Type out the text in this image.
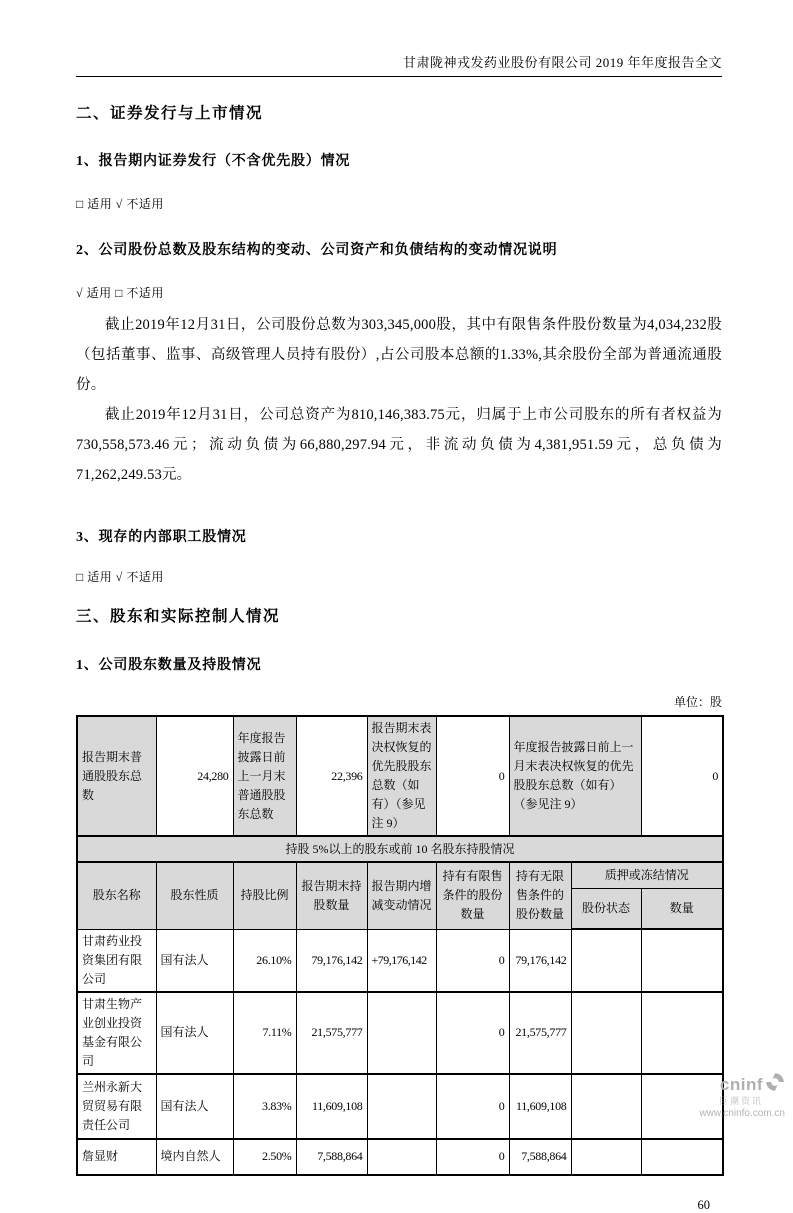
甘肃陇神戎发药业股份有限公司 2019 年年度报告全文
二、证券发行与上市情况
1、报告期内证券发行（不含优先股）情况
□ 适用 √ 不适用
2、公司股份总数及股东结构的变动、公司资产和负债结构的变动情况说明
√ 适用 □ 不适用

截止2019年12月31日，公司股份总数为303,345,000股，其中有限售条件股份数量为4,034,232股（包括董事、监事、高级管理人员持有股份）,占公司股本总额的1.33%,其余股份全部为普通流通股份。

截止2019年12月31日，公司总资产为810,146,383.75元，归属于上市公司股东的所有者权益为730,558,573.46元；流动负债为66,880,297.94元，非流动负债为4,381,951.59元，总负债为71,262,249.53元。

3、现存的内部职工股情况
□ 适用 √ 不适用
三、股东和实际控制人情况
1、公司股东数量及持股情况
单位：股
报告期末普通股股东总数	24,280	年度报告披露日前上一月末普通股股东总数	22,396	报告期末表决权恢复的优先股股东总数（如有）（参见注 9）	0	年度报告披露日前上一月末表决权恢复的优先股股东总数（如有）（参见注 9）		0
持股 5%以上的股东或前 10 名股东持股情况								
股东名称	股东性质	持股比例	报告期末持股数量	报告期内增减变动情况	持有有限售条件的股份数量	持有无限售条件的股份数量	质押或冻结情况	
							股份状态	数量
甘肃药业投资集团有限公司	国有法人	26.10%	79,176,142	+79,176,142	0	79,176,142		
甘肃生物产业创业投资基金有限公司	国有法人	7.11%	21,575,777		0	21,575,777		
兰州永新大贸贸易有限责任公司	国有法人	3.83%	11,609,108		0	11,609,108		
詹显财	境内自然人	2.50%	7,588,864		0	7,588,864		
60
cninf
巨潮资讯
www.cninfo.com.cn
